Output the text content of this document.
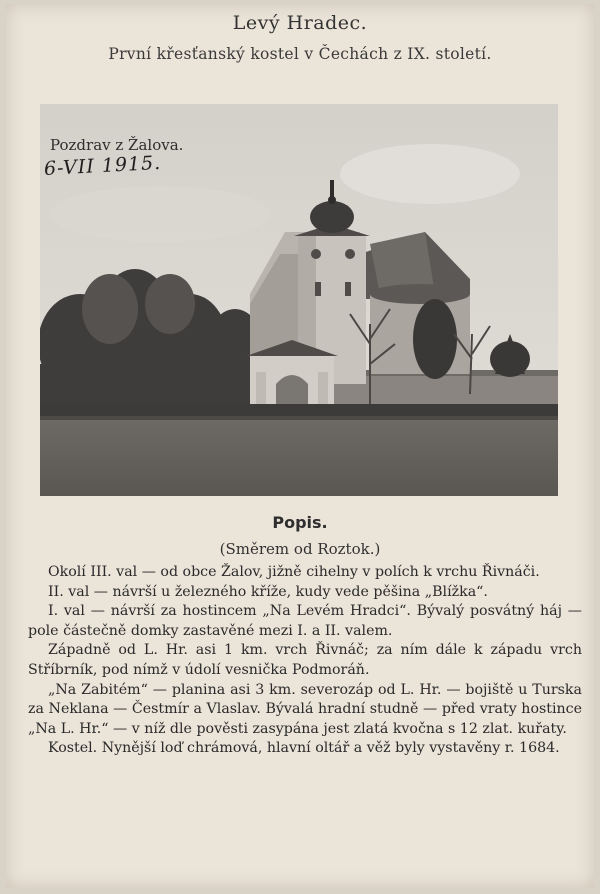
Levý Hradec.
První křesťanský kostel v Čechách z IX. století.
Pozdrav z Žalova.
6-VII 1915.
Popis.
(Směrem od Roztok.)

Okolí III. val — od obce Žalov, jižně cihelny v polích k vrchu Řivnáči.

II. val — návrší u železného kříže, kudy vede pěšina „Blížka“.

I. val — návrší za hostincem „Na Levém Hradci“. Bývalý posvátný háj — pole částečně domky zastavěné mezi I. a II. valem.

Západně od L. Hr. asi 1 km. vrch Řivnáč; za ním dále k západu vrch Stříbrník, pod nímž v údolí vesnička Podmoráň.

„Na Zabitém“ — planina asi 3 km. severozáp od L. Hr. — bojiště u Turska za Neklana — Čestmír a Vlaslav. Bývalá hradní studně — před vraty hostince „Na L. Hr.“ — v níž dle pověsti zasypána jest zlatá kvočna s 12 zlat. kuřaty.

Kostel. Nynější loď chrámová, hlavní oltář a věž byly vystavěny r. 1684.
